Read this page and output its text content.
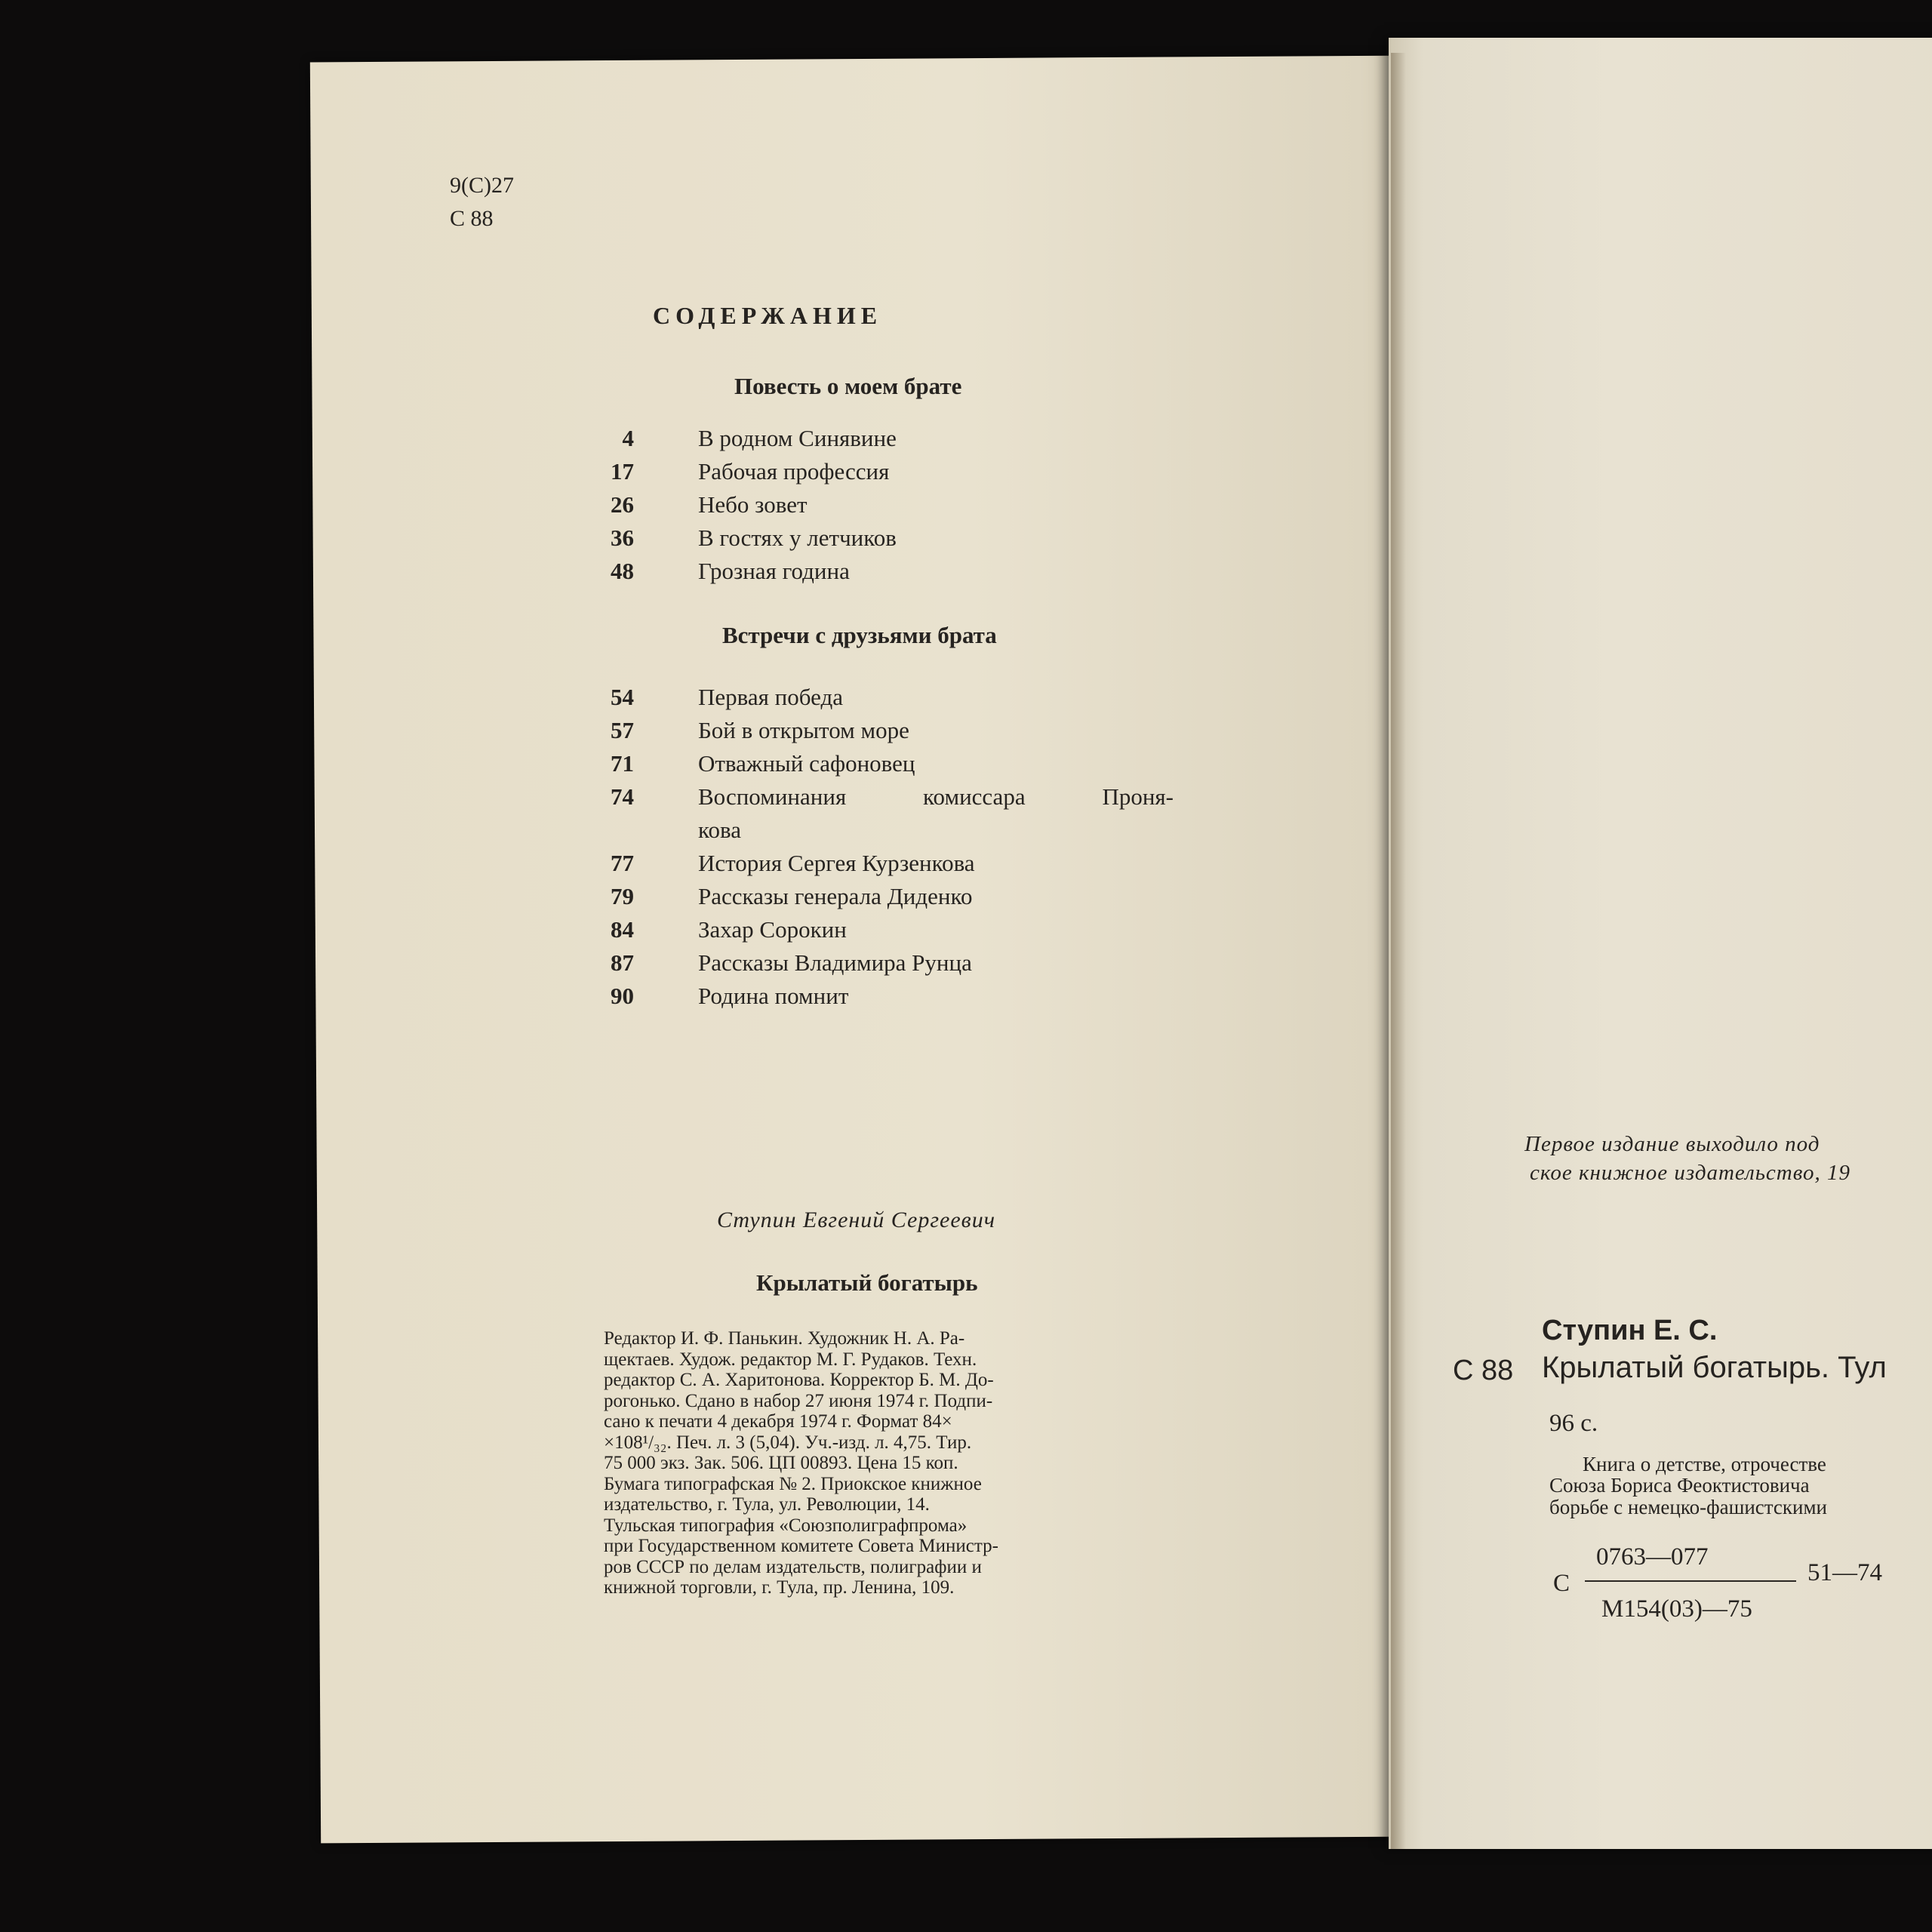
9(С)27
С 88
СОДЕРЖАНИЕ
Повесть о моем брате
4	В родном Синявине
17	Рабочая профессия
26	Небо зовет
36	В гостях у летчиков
48	Грозная година
Встречи с друзьями брата
54	Первая победа
57	Бой в открытом море
71	Отважный сафоновец
74	Воспоминания комиссара Проня-
кова
77	История Сергея Курзенкова
79	Рассказы генерала Диденко
84	Захар Сорокин
87	Рассказы Владимира Рунца
90	Родина помнит
Ступин Евгений Сергеевич
Крылатый богатырь
Редактор И. Ф. Панькин. Художник Н. А. Ра-
щектаев. Худож. редактор М. Г. Рудаков. Техн.
редактор С. А. Харитонова. Корректор Б. М. До-
рогонько. Сдано в набор 27 июня 1974 г. Подпи-
сано к печати 4 декабря 1974 г. Формат 84×
×108¹/₃₂. Печ. л. 3 (5,04). Уч.-изд. л. 4,75. Тир.
75 000 экз. Зак. 506. ЦП 00893. Цена 15 коп.
Бумага типографская № 2. Приокское книжное
издательство, г. Тула, ул. Революции, 14.
Тульская типография «Союзполиграфпрома»
при Государственном комитете Совета Министр-
ров СССР по делам издательств, полиграфии и
книжной торговли, г. Тула, пр. Ленина, 109.
Первое издание выходило под
ское книжное издательство, 19
Ступин Е. С.
С 88 Крылатый богатырь. Тул
96 с.
Книга о детстве, отрочестве
Союза Бориса Феоктистовича
борьбе с немецко-фашистскими
С
0763—077
М154(03)—75
51—74
